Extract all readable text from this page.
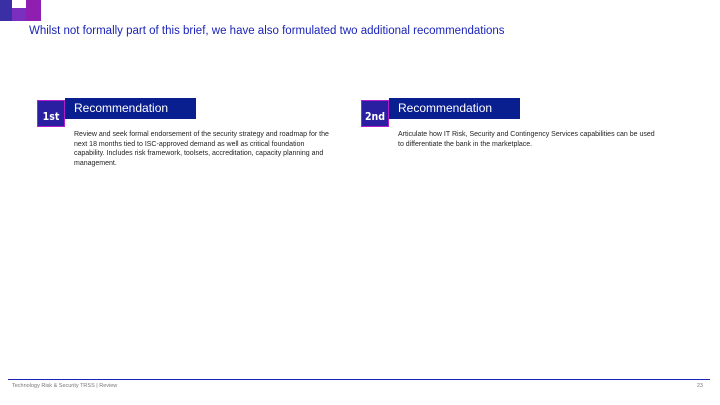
Whilst not formally part of this brief, we have also formulated two additional recommendations
1st
Recommendation
Review and seek formal endorsement of the security strategy and roadmap for the next 18 months tied to ISC-approved demand as well as critical foundation capability. Includes risk framework, toolsets, accreditation, capacity planning and management.
2nd
Recommendation
Articulate how IT Risk, Security and Contingency Services capabilities can be used to differentiate the bank in the marketplace.
Technology Risk & Security TRSS | Review	23
